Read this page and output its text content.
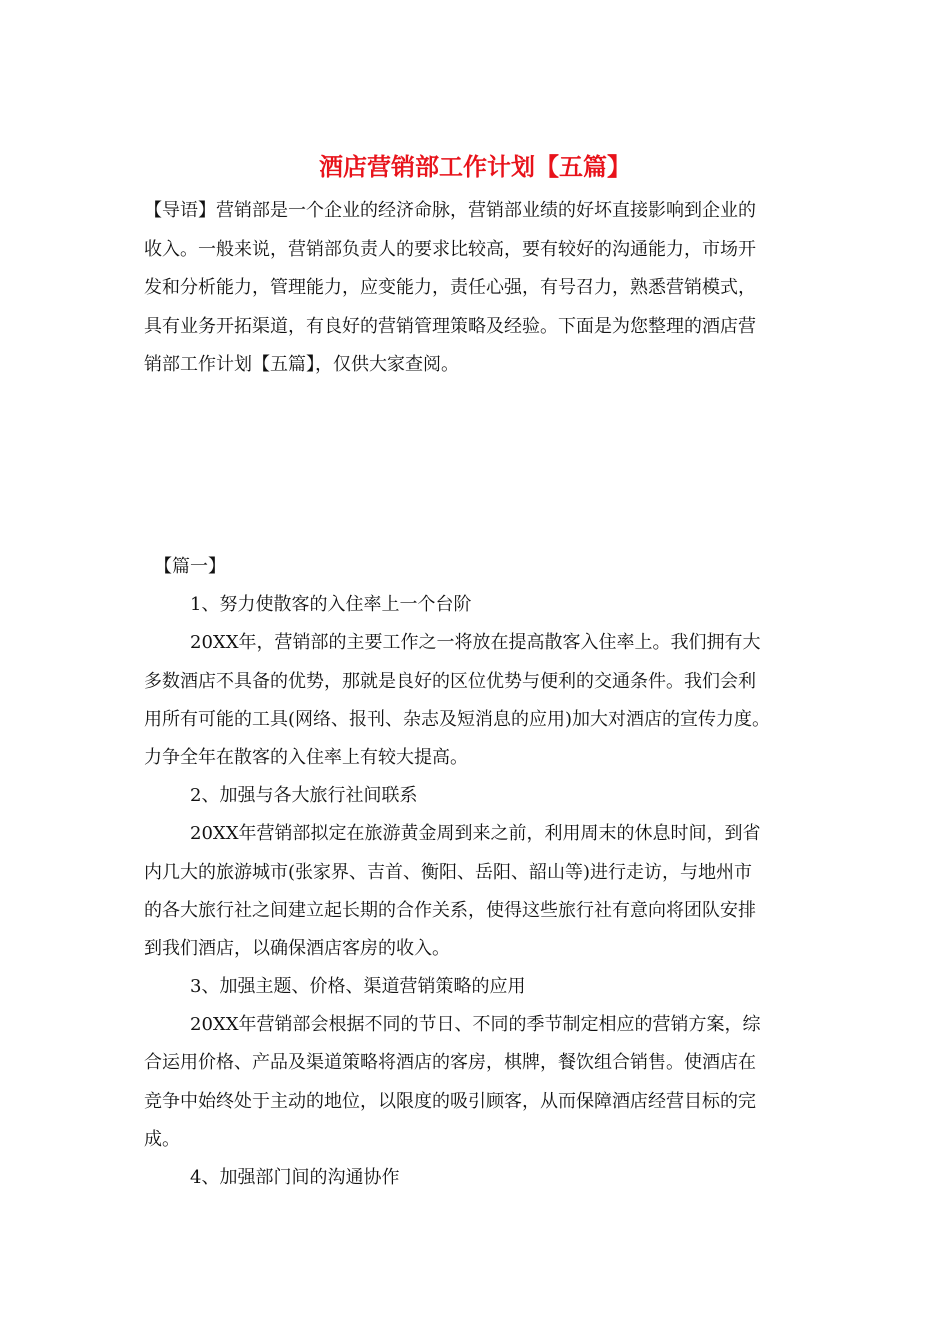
酒店营销部工作计划【五篇】
【导语】营销部是一个企业的经济命脉，营销部业绩的好坏直接影响到企业的
收入。一般来说，营销部负责人的要求比较高，要有较好的沟通能力，市场开
发和分析能力，管理能力，应变能力，责任心强，有号召力，熟悉营销模式，
具有业务开拓渠道，有良好的营销管理策略及经验。下面是为您整理的酒店营
销部工作计划【五篇】，仅供大家查阅。
【篇一】
1、努力使散客的入住率上一个台阶
20XX年，营销部的主要工作之一将放在提高散客入住率上。我们拥有大
多数酒店不具备的优势，那就是良好的区位优势与便利的交通条件。我们会利
用所有可能的工具(网络、报刊、杂志及短消息的应用)加大对酒店的宣传力度。
力争全年在散客的入住率上有较大提高。
2、加强与各大旅行社间联系
20XX年营销部拟定在旅游黄金周到来之前，利用周末的休息时间，到省
内几大的旅游城市(张家界、吉首、衡阳、岳阳、韶山等)进行走访，与地州市
的各大旅行社之间建立起长期的合作关系，使得这些旅行社有意向将团队安排
到我们酒店，以确保酒店客房的收入。
3、加强主题、价格、渠道营销策略的应用
20XX年营销部会根据不同的节日、不同的季节制定相应的营销方案，综
合运用价格、产品及渠道策略将酒店的客房，棋牌，餐饮组合销售。使酒店在
竞争中始终处于主动的地位，以限度的吸引顾客，从而保障酒店经营目标的完
成。
4、加强部门间的沟通协作
